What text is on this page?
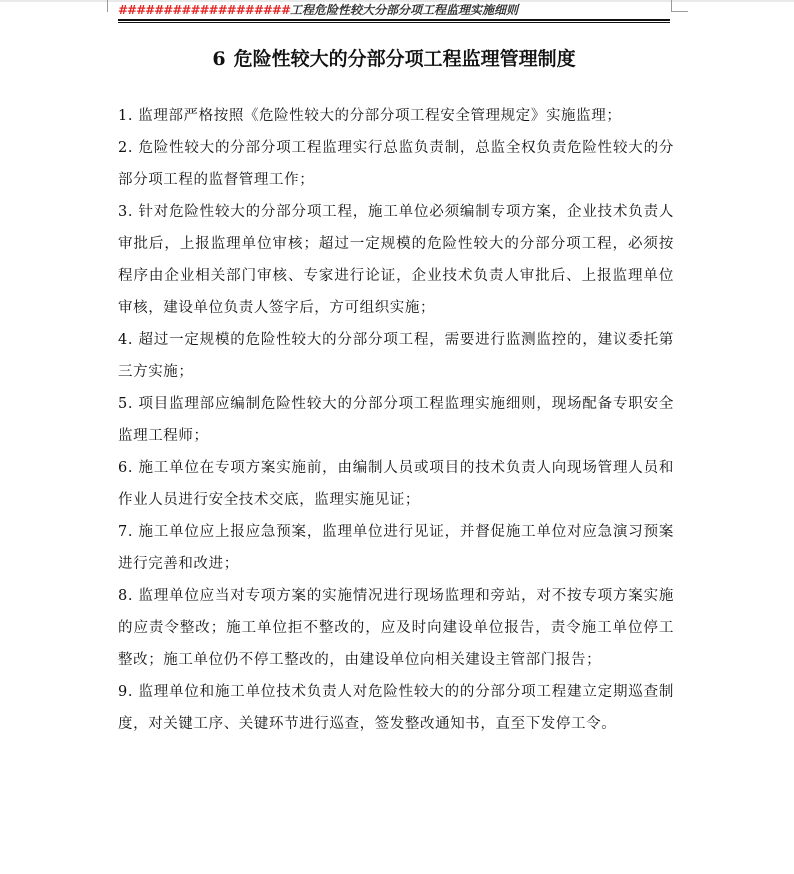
###################工程危险性较大分部分项工程监理实施细则
6 危险性较大的分部分项工程监理管理制度

1. 监理部严格按照《危险性较大的分部分项工程安全管理规定》实施监理；

2. 危险性较大的分部分项工程监理实行总监负责制，总监全权负责危险性较大的分部分项工程的监督管理工作；

3. 针对危险性较大的分部分项工程，施工单位必须编制专项方案，企业技术负责人审批后，上报监理单位审核；超过一定规模的危险性较大的分部分项工程，必须按程序由企业相关部门审核、专家进行论证，企业技术负责人审批后、上报监理单位审核，建设单位负责人签字后，方可组织实施；

4. 超过一定规模的危险性较大的分部分项工程，需要进行监测监控的，建议委托第三方实施；

5. 项目监理部应编制危险性较大的分部分项工程监理实施细则，现场配备专职安全监理工程师；

6. 施工单位在专项方案实施前，由编制人员或项目的技术负责人向现场管理人员和作业人员进行安全技术交底，监理实施见证；

7. 施工单位应上报应急预案，监理单位进行见证，并督促施工单位对应急演习预案进行完善和改进；

8. 监理单位应当对专项方案的实施情况进行现场监理和旁站，对不按专项方案实施的应责令整改；施工单位拒不整改的，应及时向建设单位报告，责令施工单位停工整改；施工单位仍不停工整改的，由建设单位向相关建设主管部门报告；

9. 监理单位和施工单位技术负责人对危险性较大的的分部分项工程建立定期巡查制度，对关键工序、关键环节进行巡查，签发整改通知书，直至下发停工令。
